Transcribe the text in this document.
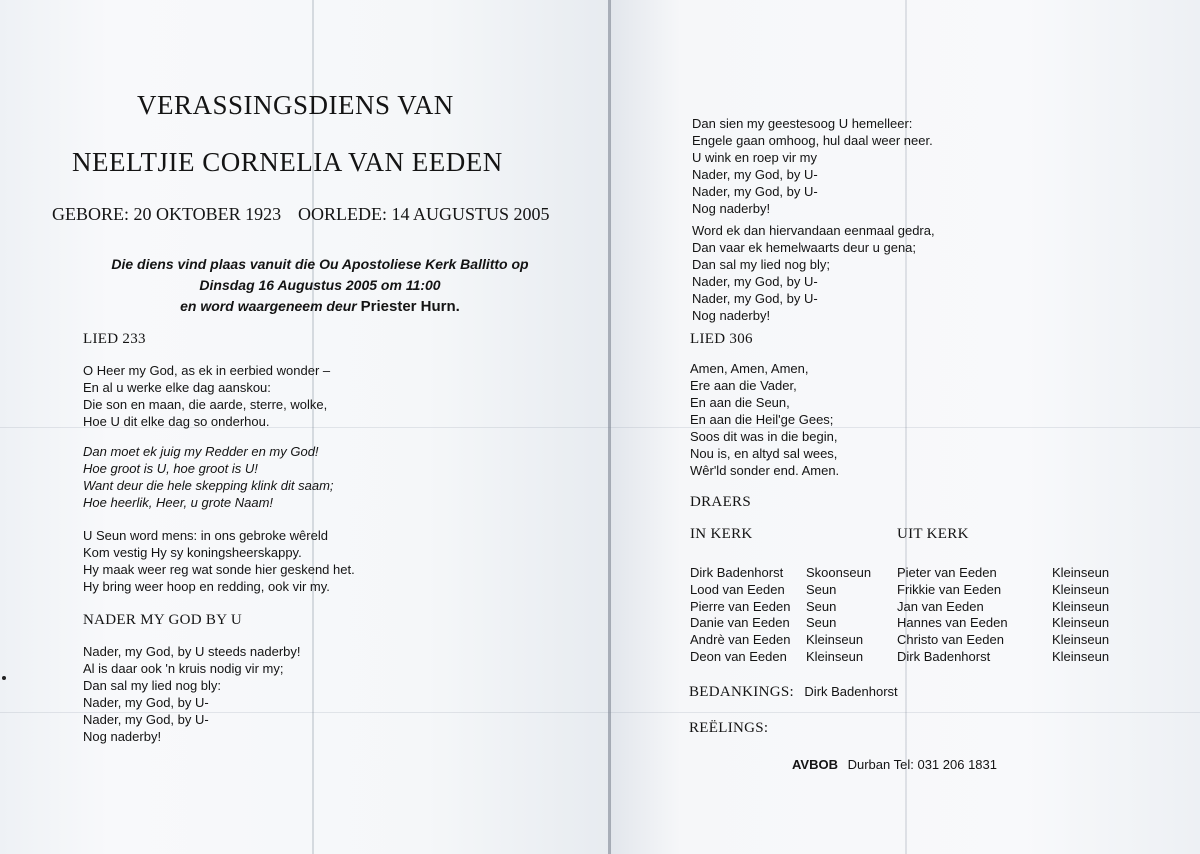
VERASSINGSDIENS VAN
NEELTJIE CORNELIA VAN EEDEN
GEBORE: 20 OKTOBER 1923 OORLEDE: 14 AUGUSTUS 2005
Die diens vind plaas vanuit die Ou Apostoliese Kerk Ballitto op
Dinsdag 16 Augustus 2005 om 11:00
en word waargeneem deur Priester Hurn.
LIED 233
O Heer my God, as ek in eerbied wonder –
En al u werke elke dag aanskou:
Die son en maan, die aarde, sterre, wolke,
Hoe U dit elke dag so onderhou.
Dan moet ek juig my Redder en my God!
Hoe groot is U, hoe groot is U!
Want deur die hele skepping klink dit saam;
Hoe heerlik, Heer, u grote Naam!
U Seun word mens: in ons gebroke wêreld
Kom vestig Hy sy koningsheerskappy.
Hy maak weer reg wat sonde hier geskend het.
Hy bring weer hoop en redding, ook vir my.
NADER MY GOD BY U
Nader, my God, by U steeds naderby!
Al is daar ook 'n kruis nodig vir my;
Dan sal my lied nog bly:
Nader, my God, by U-
Nader, my God, by U-
Nog naderby!
Dan sien my geestesoog U hemelleer:
Engele gaan omhoog, hul daal weer neer.
U wink en roep vir my
Nader, my God, by U-
Nader, my God, by U-
Nog naderby!
Word ek dan hiervandaan eenmaal gedra,
Dan vaar ek hemelwaarts deur u gena;
Dan sal my lied nog bly;
Nader, my God, by U-
Nader, my God, by U-
Nog naderby!
LIED 306
Amen, Amen, Amen,
Ere aan die Vader,
En aan die Seun,
En aan die Heil'ge Gees;
Soos dit was in die begin,
Nou is, en altyd sal wees,
Wêr'ld sonder end. Amen.
DRAERS
IN KERK	UIT KERK
Dirk Badenhorst
Lood van Eeden
Pierre van Eeden
Danie van Eeden
Andrè van Eeden
Deon van Eeden
Skoonseun
Seun
Seun
Seun
Kleinseun
Kleinseun
Pieter van Eeden
Frikkie van Eeden
Jan van Eeden
Hannes van Eeden
Christo van Eeden
Dirk Badenhorst
Kleinseun
Kleinseun
Kleinseun
Kleinseun
Kleinseun
Kleinseun
BEDANKINGS: Dirk Badenhorst
REËLINGS:
AVBOB Durban Tel: 031 206 1831
